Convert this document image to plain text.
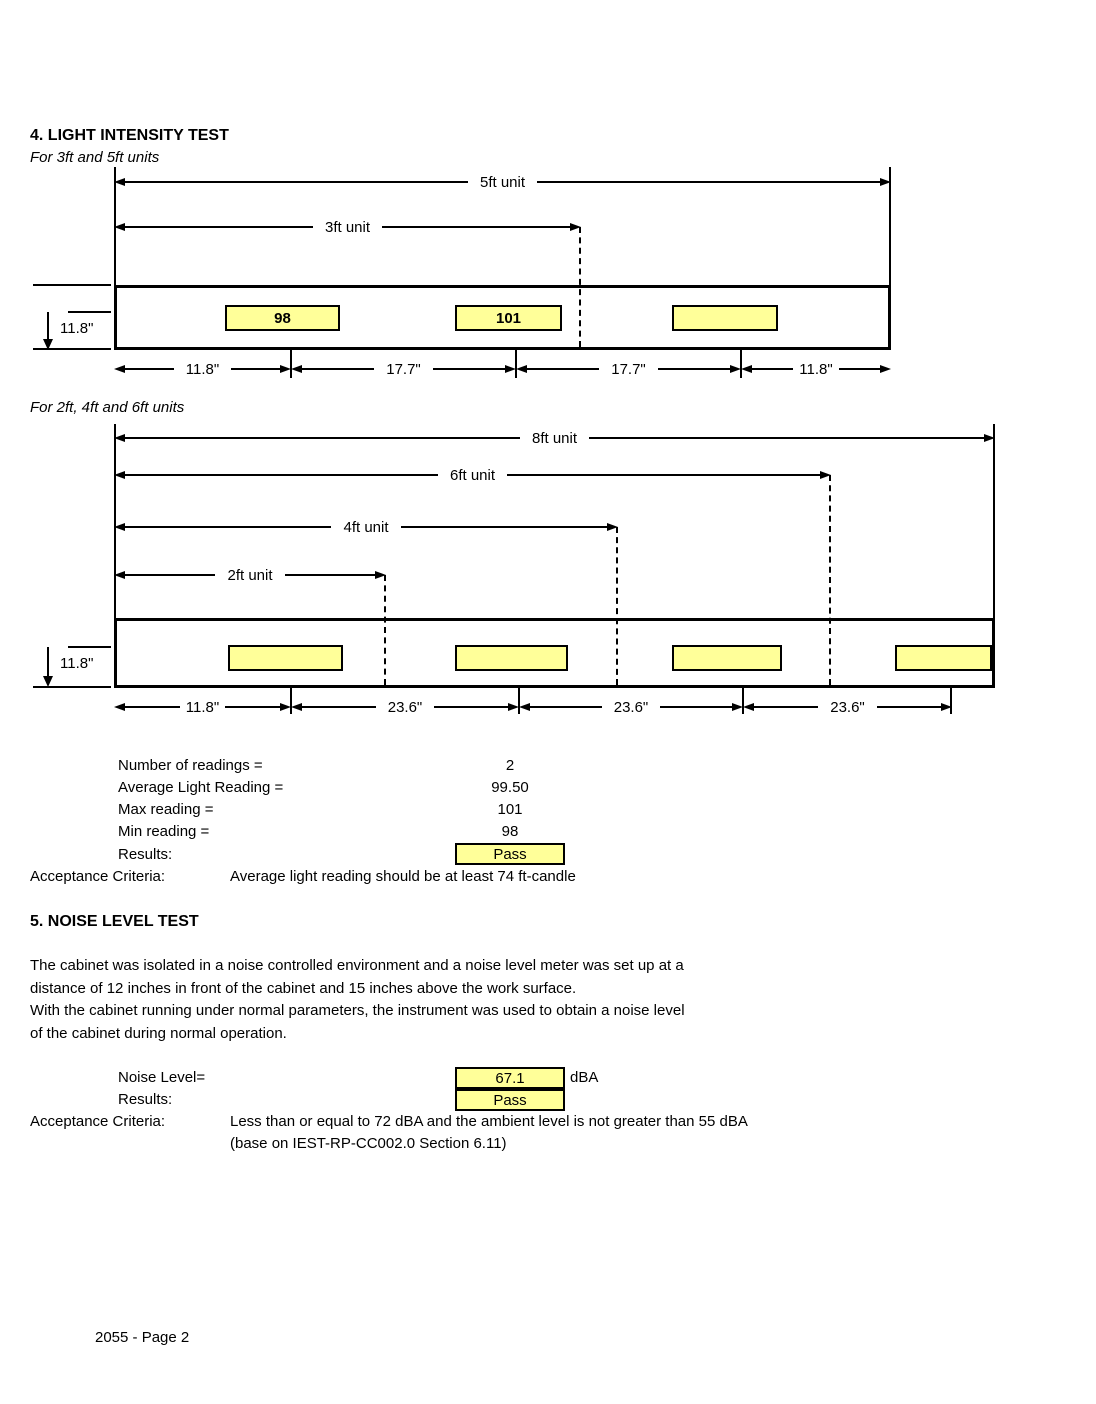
4. LIGHT INTENSITY TEST
For 3ft and 5ft units
5ft unit
3ft unit
98	101
11.8"
11.8"	17.7"	17.7"	11.8"
For 2ft, 4ft and 6ft units
8ft unit
6ft unit
4ft unit
2ft unit
11.8"
11.8"	23.6"	23.6"	23.6"
Number of readings =	2
Average Light Reading =	99.50
Max reading =	101
Min reading =	98
Results:	Pass
Acceptance Criteria:	Average light reading should be at least 74 ft-candle
5. NOISE LEVEL TEST
The cabinet was isolated in a noise controlled environment and a noise level meter was set up at a
distance of 12 inches in front of the cabinet and 15 inches above the work surface.
With the cabinet running under normal parameters, the instrument was used to obtain a noise level
of the cabinet during normal operation.
Noise Level=	67.1	dBA
Results:	Pass
Acceptance Criteria:	Less than or equal to 72 dBA and the ambient level is not greater than 55 dBA
(base on IEST-RP-CC002.0 Section 6.11)
2055 - Page 2
